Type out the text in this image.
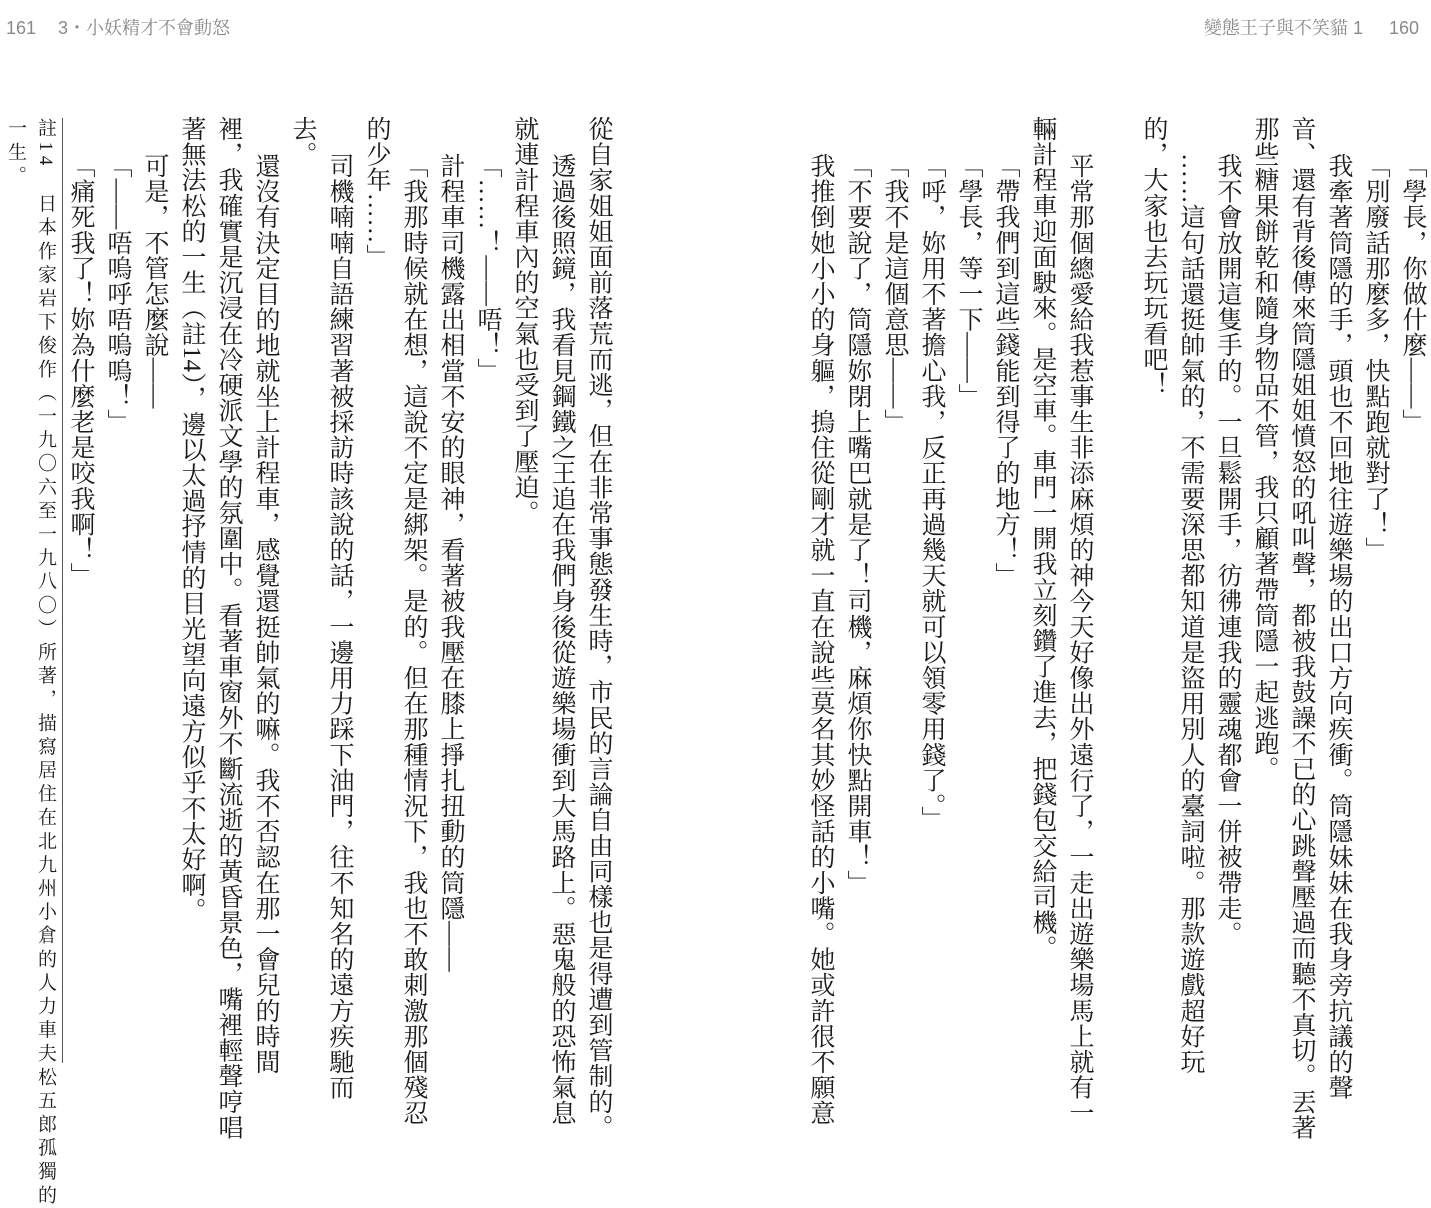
161 3・小妖精才不會動怒	變態王子與不笑貓 1 160
「學長，你做什麼——」
「別廢話那麼多，快點跑就對了！」
我牽著筒隱的手，頭也不回地往遊樂場的出口方向疾衝。筒隱妹妹在我身旁抗議的聲
音、還有背後傳來筒隱姐姐憤怒的吼叫聲，都被我鼓譟不已的心跳聲壓過而聽不真切。丟著
那些糖果餅乾和隨身物品不管，我只顧著帶筒隱一起逃跑。
我不會放開這隻手的。一旦鬆開手，彷彿連我的靈魂都會一併被帶走。
……這句話還挺帥氣的，不需要深思都知道是盜用別人的臺詞啦。那款遊戲超好玩
的，大家也去玩玩看吧！
平常那個總愛給我惹事生非添麻煩的神今天好像出外遠行了，一走出遊樂場馬上就有一
輛計程車迎面駛來。是空車。車門一開我立刻鑽了進去，把錢包交給司機。
「帶我們到這些錢能到得了的地方！」
「學長，等一下——」
「呼，妳用不著擔心我，反正再過幾天就可以領零用錢了。」
「我不是這個意思——」
「不要說了，筒隱妳閉上嘴巴就是了！司機，麻煩你快點開車！」
我推倒她小小的身軀，摀住從剛才就一直在說些莫名其妙怪話的小嘴。她或許很不願意
從自家姐姐面前落荒而逃，但在非常事態發生時，市民的言論自由同樣也是得遭到管制的。
透過後照鏡，我看見鋼鐵之王追在我們身後從遊樂場衝到大馬路上。惡鬼般的恐怖氣息
就連計程車內的空氣也受到了壓迫。
「……！——唔！」
計程車司機露出相當不安的眼神，看著被我壓在膝上掙扎扭動的筒隱——
「我那時候就在想，這說不定是綁架。是的。但在那種情況下，我也不敢刺激那個殘忍
的少年……」
司機喃喃自語練習著被採訪時該說的話，一邊用力踩下油門，往不知名的遠方疾馳而
去。
還沒有決定目的地就坐上計程車，感覺還挺帥氣的嘛。我不否認在那一會兒的時間
裡，我確實是沉浸在冷硬派文學的氛圍中。看著車窗外不斷流逝的黃昏景色，嘴裡輕聲哼唱
著無法松的一生（註14），邊以太過抒情的目光望向遠方似乎不太好啊。
可是，不管怎麼說——
「——唔嗚呼唔嗚嗚！」
「痛死我了！妳為什麼老是咬我啊！」
註14　日本作家岩下俊作（一九〇六至一九八〇）所著，描寫居住在北九州小倉的人力車夫松五郎孤獨的
一生。
